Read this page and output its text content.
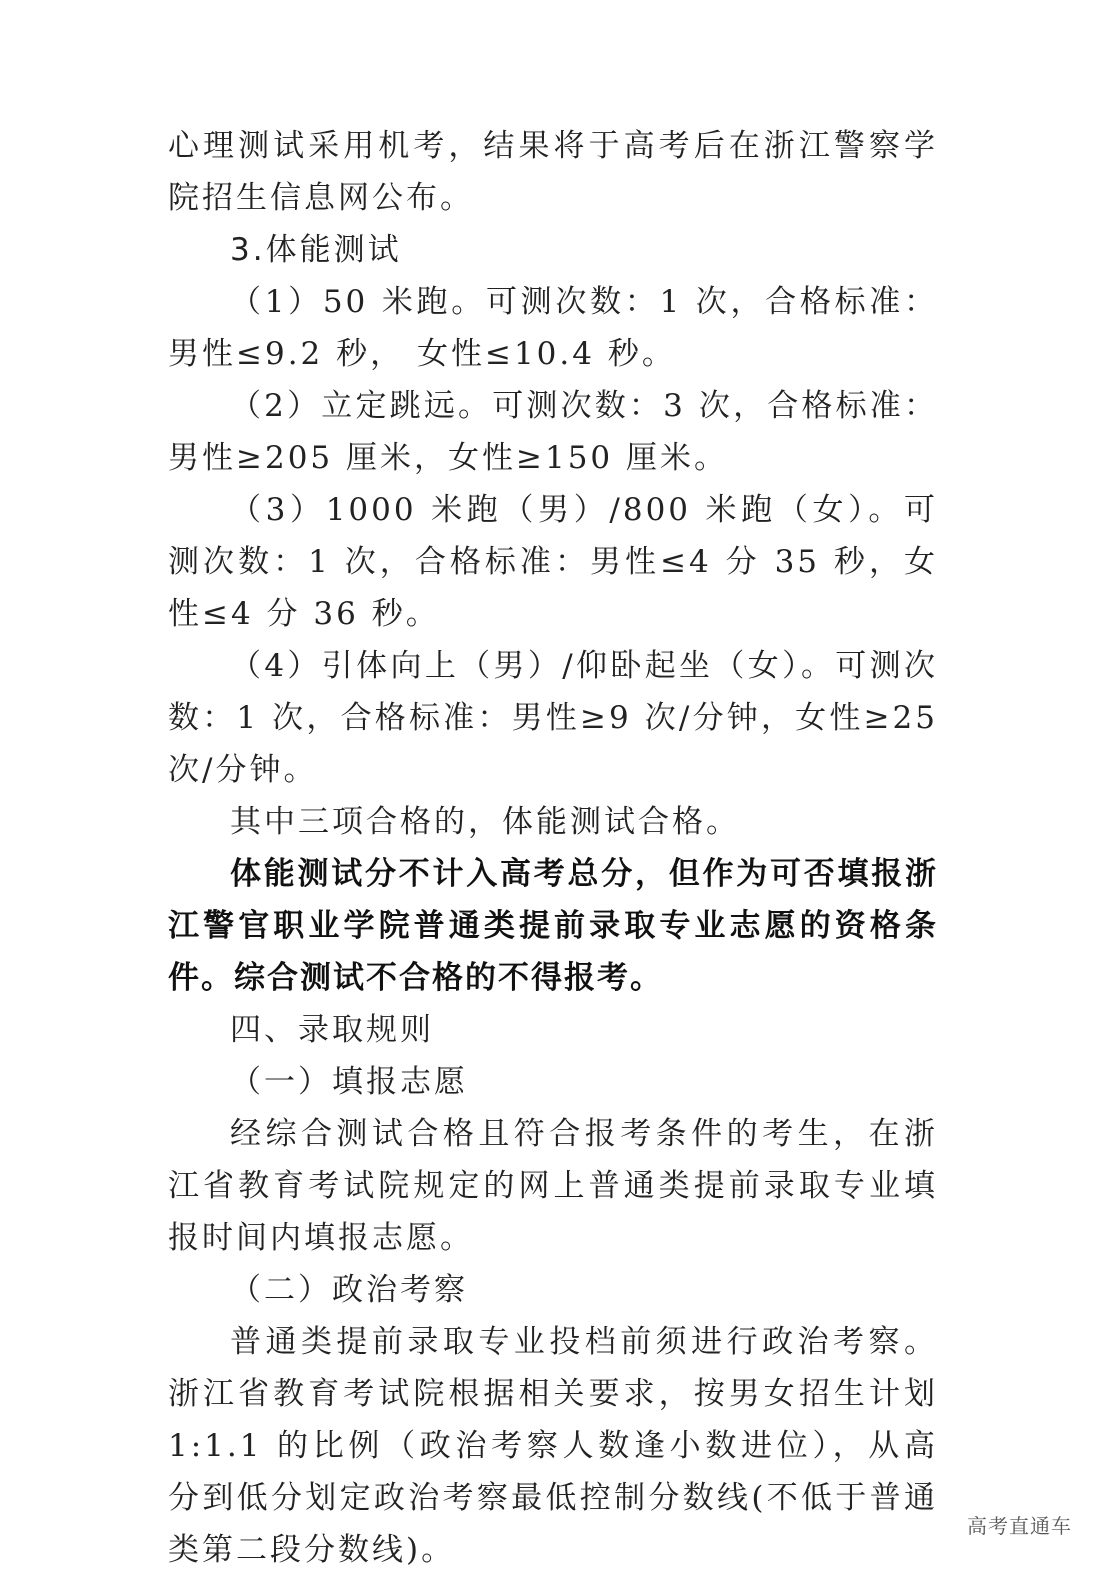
心理测试采用机考，结果将于高考后在浙江警察学院招生信息网公布。

3.体能测试

（1）50 米跑。可测次数：1 次，合格标准：男性≤9.2 秒， 女性≤10.4 秒。

（2）立定跳远。可测次数：3 次，合格标准：男性≥205 厘米，女性≥150 厘米。

（3）1000 米跑（男）/800 米跑（女）。可测次数：1 次，合格标准：男性≤4 分 35 秒，女性≤4 分 36 秒。

（4）引体向上（男）/仰卧起坐（女）。可测次数：1 次，合格标准：男性≥9 次/分钟，女性≥25 次/分钟。

其中三项合格的，体能测试合格。

体能测试分不计入高考总分，但作为可否填报浙江警官职业学院普通类提前录取专业志愿的资格条件。综合测试不合格的不得报考。

四、录取规则

（一）填报志愿

经综合测试合格且符合报考条件的考生，在浙江省教育考试院规定的网上普通类提前录取专业填报时间内填报志愿。

（二）政治考察

普通类提前录取专业投档前须进行政治考察。浙江省教育考试院根据相关要求，按男女招生计划 1:1.1 的比例（政治考察人数逢小数进位），从高分到低分划定政治考察最低控制分数线(不低于普通类第二段分数线)。

高考直通车
